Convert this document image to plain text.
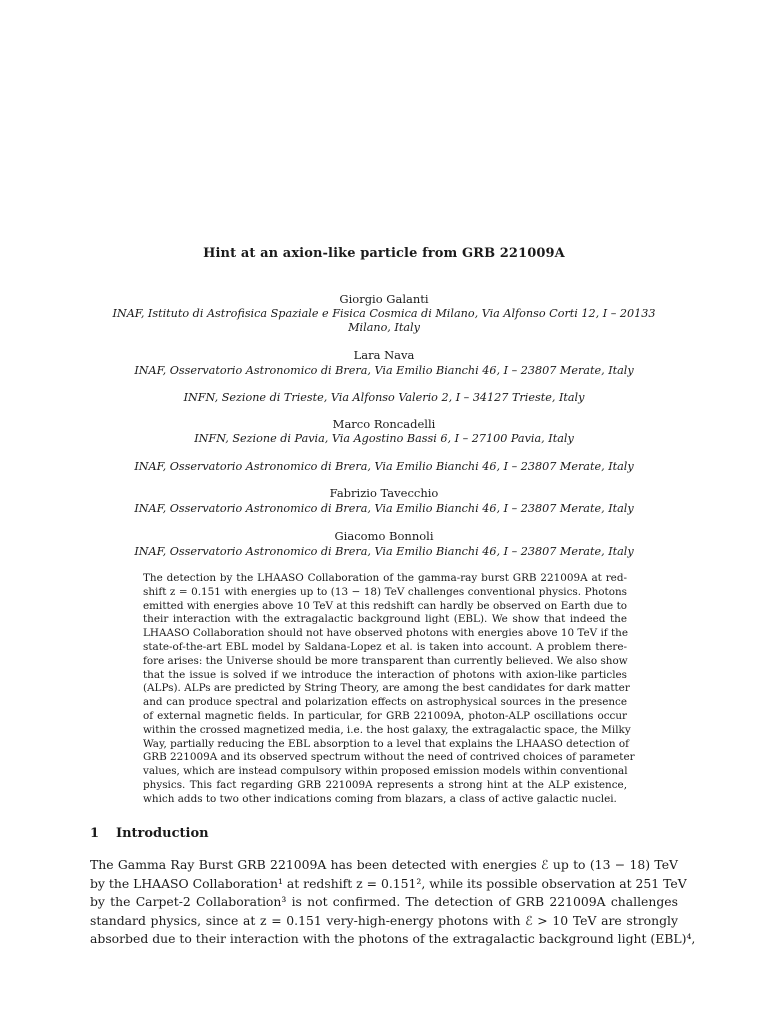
Hint at an axion-like particle from GRB 221009A
Giorgio Galanti
INAF, Istituto di Astrofisica Spaziale e Fisica Cosmica di Milano, Via Alfonso Corti 12, I – 20133
Milano, Italy
Lara Nava
INAF, Osservatorio Astronomico di Brera, Via Emilio Bianchi 46, I – 23807 Merate, Italy
INFN, Sezione di Trieste, Via Alfonso Valerio 2, I – 34127 Trieste, Italy
Marco Roncadelli
INFN, Sezione di Pavia, Via Agostino Bassi 6, I – 27100 Pavia, Italy
INAF, Osservatorio Astronomico di Brera, Via Emilio Bianchi 46, I – 23807 Merate, Italy
Fabrizio Tavecchio
INAF, Osservatorio Astronomico di Brera, Via Emilio Bianchi 46, I – 23807 Merate, Italy
Giacomo Bonnoli
INAF, Osservatorio Astronomico di Brera, Via Emilio Bianchi 46, I – 23807 Merate, Italy
The detection by the LHAASO Collaboration of the gamma-ray burst GRB 221009A at red-
shift z = 0.151 with energies up to (13 − 18) TeV challenges conventional physics. Photons
emitted with energies above 10 TeV at this redshift can hardly be observed on Earth due to
their interaction with the extragalactic background light (EBL). We show that indeed the
LHAASO Collaboration should not have observed photons with energies above 10 TeV if the
state-of-the-art EBL model by Saldana-Lopez et al. is taken into account. A problem there-
fore arises: the Universe should be more transparent than currently believed. We also show
that the issue is solved if we introduce the interaction of photons with axion-like particles
(ALPs). ALPs are predicted by String Theory, are among the best candidates for dark matter
and can produce spectral and polarization effects on astrophysical sources in the presence
of external magnetic fields. In particular, for GRB 221009A, photon-ALP oscillations occur
within the crossed magnetized media, i.e. the host galaxy, the extragalactic space, the Milky
Way, partially reducing the EBL absorption to a level that explains the LHAASO detection of
GRB 221009A and its observed spectrum without the need of contrived choices of parameter
values, which are instead compulsory within proposed emission models within conventional
physics. This fact regarding GRB 221009A represents a strong hint at the ALP existence,
which adds to two other indications coming from blazars, a class of active galactic nuclei.
1 Introduction
The Gamma Ray Burst GRB 221009A has been detected with energies ℰ up to (13 − 18) TeV
by the LHAASO Collaboration¹ at redshift z = 0.151², while its possible observation at 251 TeV
by the Carpet-2 Collaboration³ is not confirmed. The detection of GRB 221009A challenges
standard physics, since at z = 0.151 very-high-energy photons with ℰ > 10 TeV are strongly
absorbed due to their interaction with the photons of the extragalactic background light (EBL)⁴,
